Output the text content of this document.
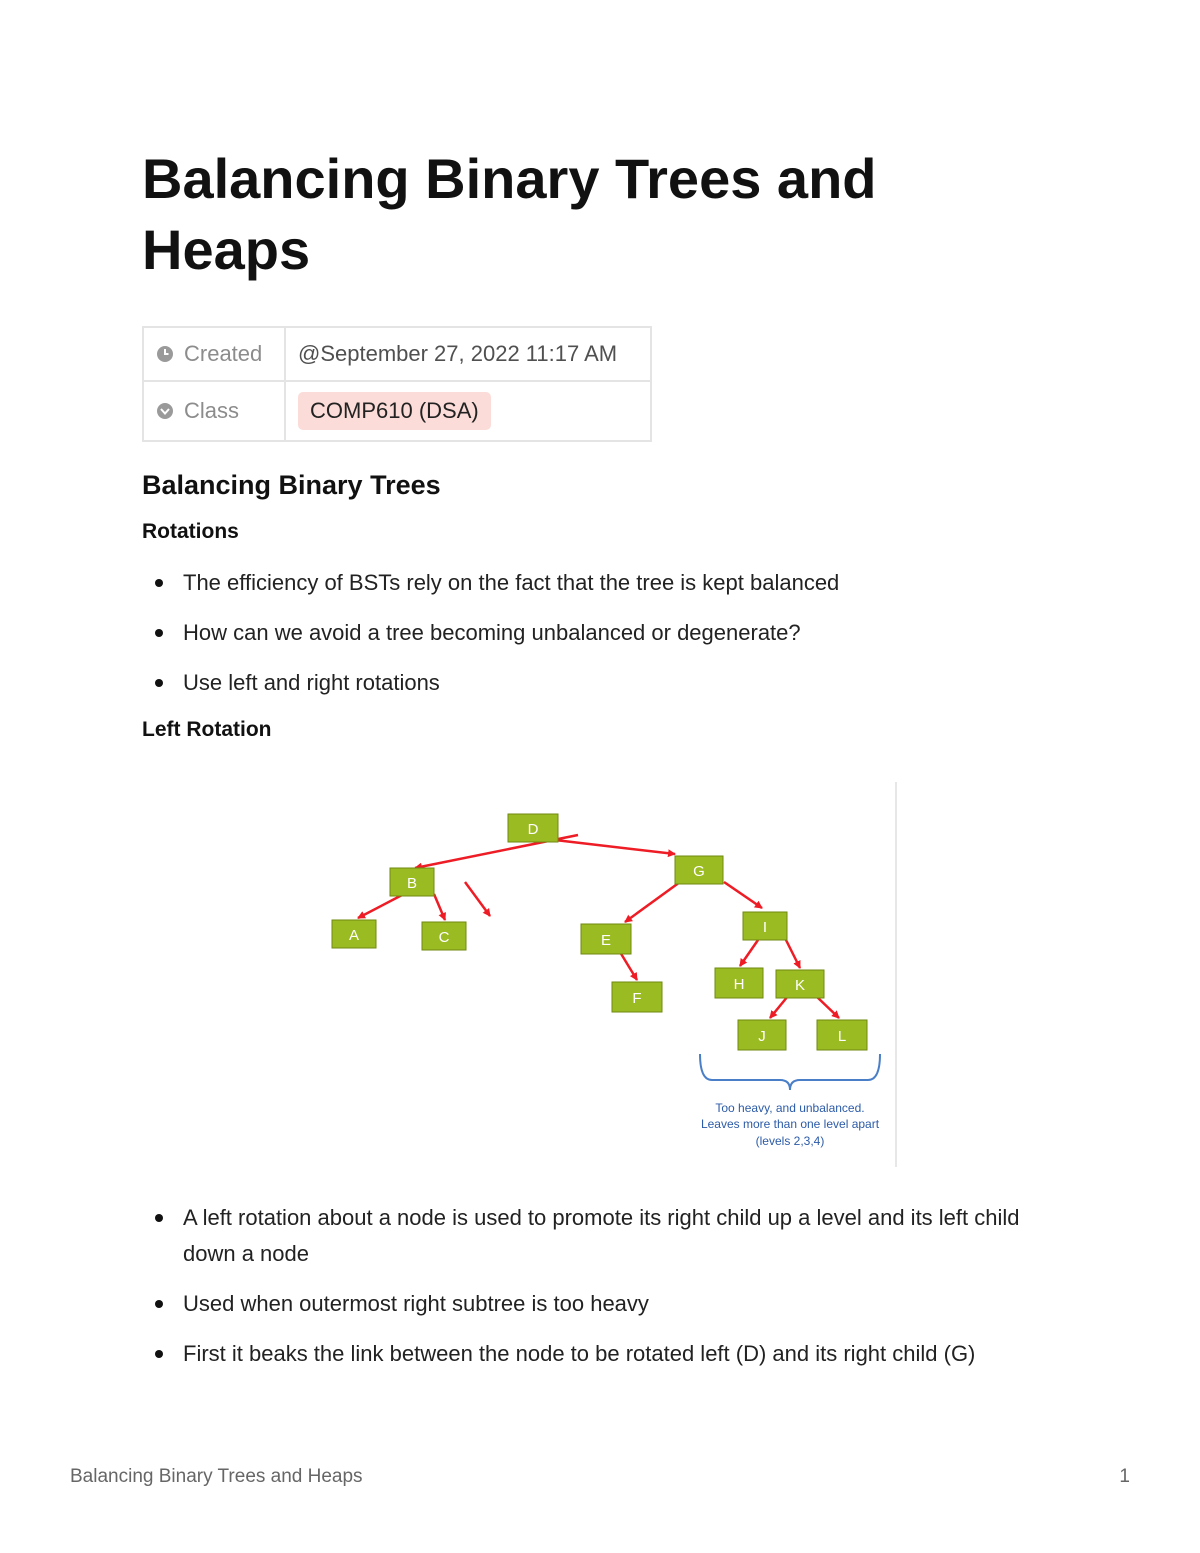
Balancing Binary Trees and Heaps
Created	@September 27, 2022 11:17 AM
Class	COMP610 (DSA)
Balancing Binary Trees
Rotations
The efficiency of BSTs rely on the fact that the tree is kept balanced
How can we avoid a tree becoming unbalanced or degenerate?
Use left and right rotations
Left Rotation
D
B
G
A	C	E
I
F
H	K
J	L
Too heavy, and unbalanced.
Leaves more than one level apart
(levels 2,3,4)
A left rotation about a node is used to promote its right child up a level and its left child down a node
Used when outermost right subtree is too heavy
First it beaks the link between the node to be rotated left (D) and its right child (G)
Balancing Binary Trees and Heaps	1
